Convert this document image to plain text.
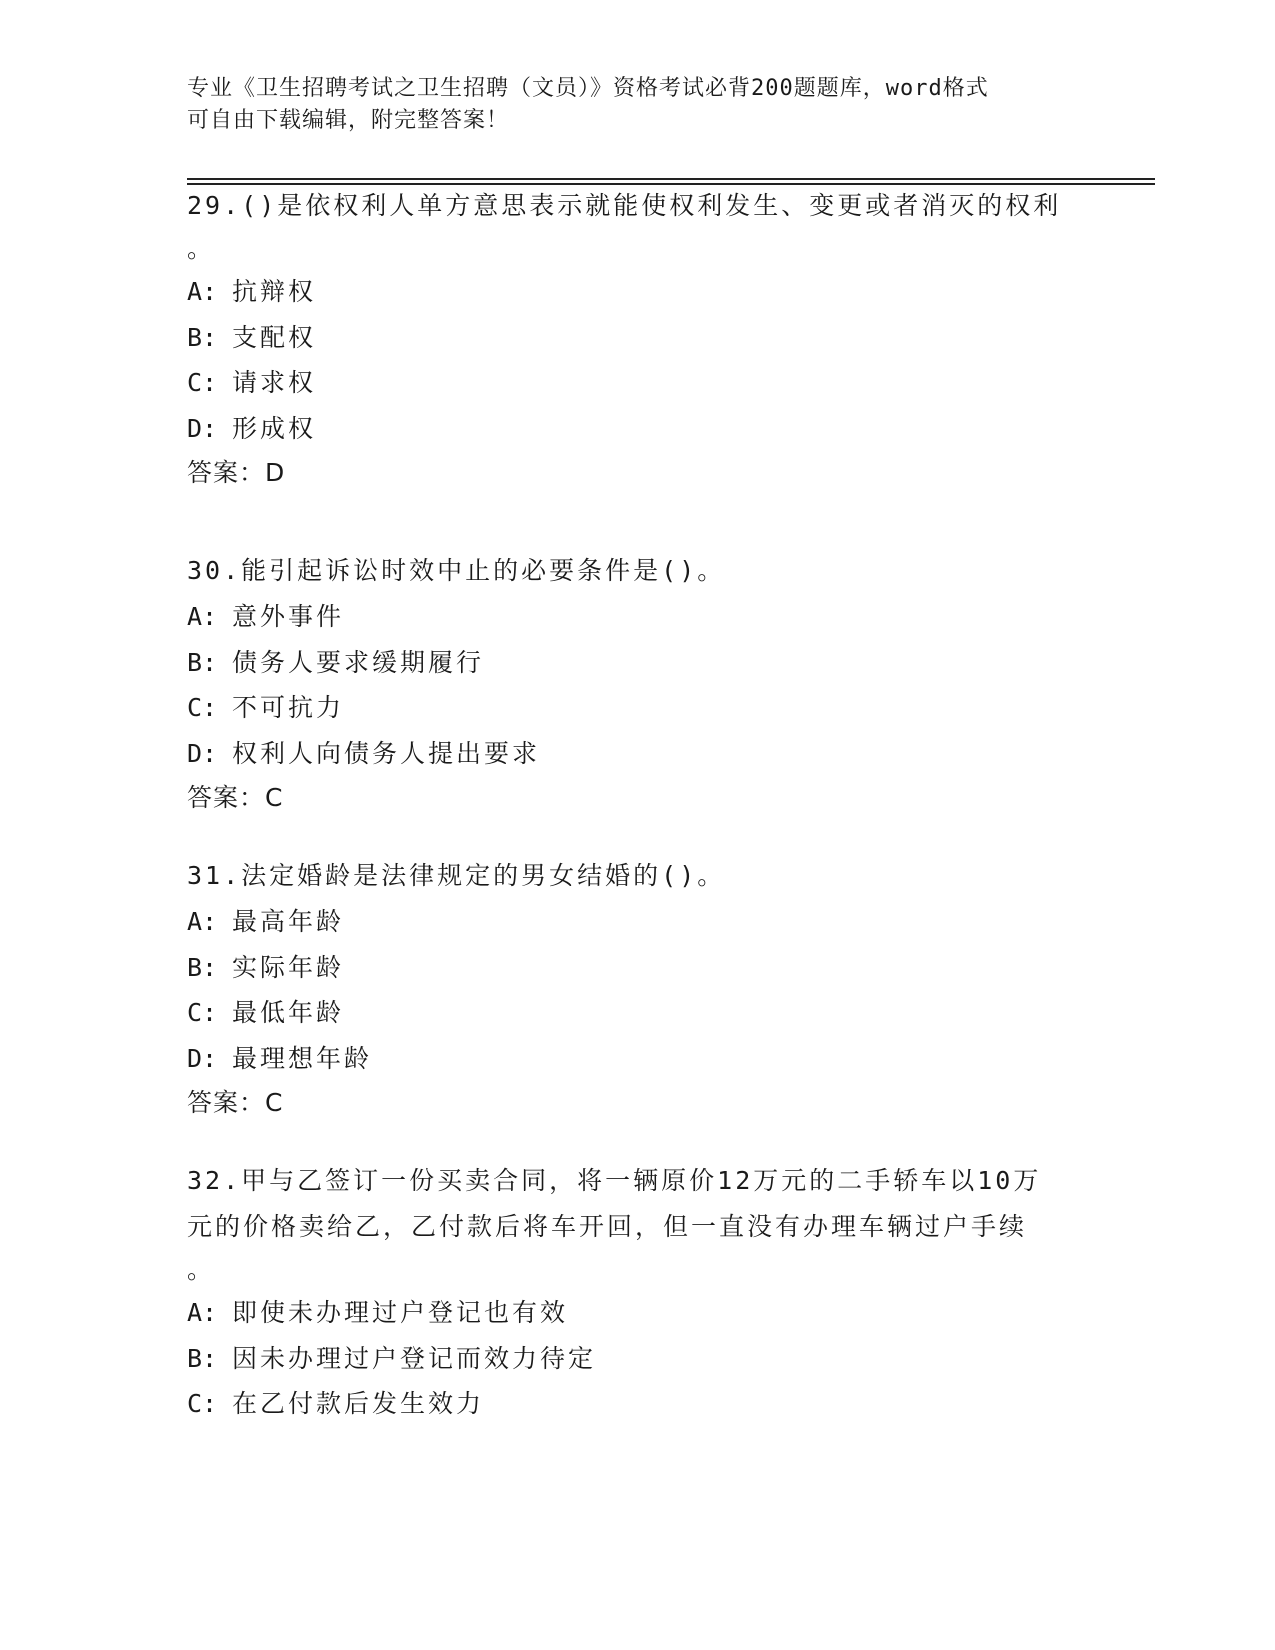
专业《卫生招聘考试之卫生招聘（文员）》资格考试必背200题题库，word格式
可自由下载编辑，附完整答案！
29.()是依权利人单方意思表示就能使权利发生、变更或者消灭的权利
。
A: 抗辩权
B: 支配权
C: 请求权
D: 形成权
答案：D
30.能引起诉讼时效中止的必要条件是()。
A: 意外事件
B: 债务人要求缓期履行
C: 不可抗力
D: 权利人向债务人提出要求
答案：C
31.法定婚龄是法律规定的男女结婚的()。
A: 最高年龄
B: 实际年龄
C: 最低年龄
D: 最理想年龄
答案：C
32.甲与乙签订一份买卖合同，将一辆原价12万元的二手轿车以10万
元的价格卖给乙，乙付款后将车开回，但一直没有办理车辆过户手续
。
A: 即使未办理过户登记也有效
B: 因未办理过户登记而效力待定
C: 在乙付款后发生效力
